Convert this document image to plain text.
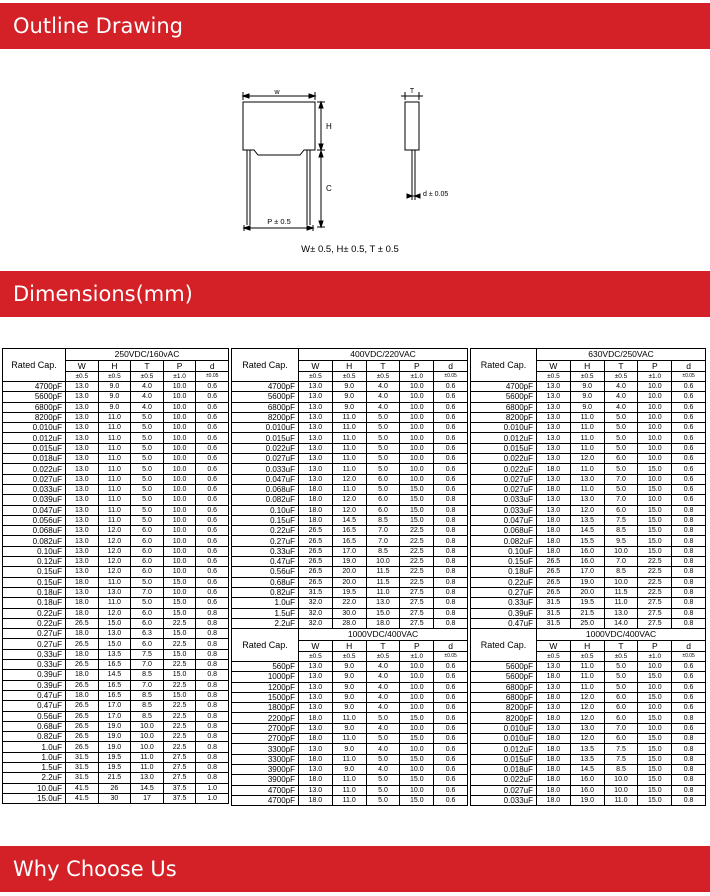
Outline Drawing
w
H
C
T
P ± 0.5
d ± 0.05
W± 0.5, H± 0.5, T ± 0.5
Dimensions(mm)
Rated Cap.	250VDC/160vAC				
	W	H	T	P	d
	±0.5	±0.5	±0.5	±1.0	±0.05
4700pF	13.0	9.0	4.0	10.0	0.6
5600pF	13.0	9.0	4.0	10.0	0.6
6800pF	13.0	9.0	4.0	10.0	0.6
8200pF	13.0	11.0	5.0	10.0	0.6
0.010uF	13.0	11.0	5.0	10.0	0.6
0.012uF	13.0	11.0	5.0	10.0	0.6
0.015uF	13.0	11.0	5.0	10.0	0.6
0.018uF	13.0	11.0	5.0	10.0	0.6
0.022uF	13.0	11.0	5.0	10.0	0.6
0.027uF	13.0	11.0	5.0	10.0	0.6
0.033uF	13.0	11.0	5.0	10.0	0.6
0.039uF	13.0	11.0	5.0	10.0	0.6
0.047uF	13.0	11.0	5.0	10.0	0.6
0.056uF	13.0	11.0	5.0	10.0	0.6
0.068uF	13.0	12.0	6.0	10.0	0.6
0.082uF	13.0	12.0	6.0	10.0	0.6
0.10uF	13.0	12.0	6.0	10.0	0.6
0.12uF	13.0	12.0	6.0	10.0	0.6
0.15uF	13.0	12.0	6.0	10.0	0.6
0.15uF	18.0	11.0	5.0	15.0	0.6
0.18uF	13.0	13.0	7.0	10.0	0.6
0.18uF	18.0	11.0	5.0	15.0	0.6
0.22uF	18.0	12.0	6.0	15.0	0.8
0.22uF	26.5	15.0	6.0	22.5	0.8
0.27uF	18.0	13.0	6.3	15.0	0.8
0.27uF	26.5	15.0	6.0	22.5	0.8
0.33uF	18.0	13.5	7.5	15.0	0.8
0.33uF	26.5	16.5	7.0	22.5	0.8
0.39uF	18.0	14.5	8.5	15.0	0.8
0.39uF	26.5	16.5	7.0	22.5	0.8
0.47uF	18.0	16.5	8.5	15.0	0.8
0.47uF	26.5	17.0	8.5	22.5	0.8
0.56uF	26.5	17.0	8.5	22.5	0.8
0.68uF	26.5	19.0	10.0	22.5	0.8
0.82uF	26.5	19.0	10.0	22.5	0.8
1.0uF	26.5	19.0	10.0	22.5	0.8
1.0uF	31.5	19.5	11.0	27.5	0.8
1.5uF	31.5	19.5	11.0	27.5	0.8
2.2uF	31.5	21.5	13.0	27.5	0.8
10.0uF	41.5	26	14.5	37.5	1.0
15.0uF	41.5	30	17	37.5	1.0
Rated Cap.	400VDC/220VAC				
	W	H	T	P	d
	±0.5	±0.5	±0.5	±1.0	±0.05
4700pF	13.0	9.0	4.0	10.0	0.6
5600pF	13.0	9.0	4.0	10.0	0.6
6800pF	13.0	9.0	4.0	10.0	0.6
8200pF	13.0	11.0	5.0	10.0	0.6
0.010uF	13.0	11.0	5.0	10.0	0.6
0.015uF	13.0	11.0	5.0	10.0	0.6
0.022uF	13.0	11.0	5.0	10.0	0.6
0.027uF	13.0	11.0	5.0	10.0	0.6
0.033uF	13.0	11.0	5.0	10.0	0.6
0.047uF	13.0	12.0	6.0	10.0	0.6
0.068uF	18.0	11.0	5.0	15.0	0.6
0.082uF	18.0	12.0	6.0	15.0	0.8
0.10uF	18.0	12.0	6.0	15.0	0.8
0.15uF	18.0	14.5	8.5	15.0	0.8
0.22uF	26.5	16.5	7.0	22.5	0.8
0.27uF	26.5	16.5	7.0	22.5	0.8
0.33uF	26.5	17.0	8.5	22.5	0.8
0.47uF	26.5	19.0	10.0	22.5	0.8
0.56uF	26.5	20.0	11.5	22.5	0.8
0.68uF	26.5	20.0	11.5	22.5	0.8
0.82uF	31.5	19.5	11.0	27.5	0.8
1.0uF	32.0	22.0	13.0	27.5	0.8
1.5uF	32.0	30.0	15.0	27.5	0.8
2.2uF	32.0	28.0	18.0	27.5	0.8
Rated Cap.	630VDC/250VAC				
	W	H	T	P	d
	±0.5	±0.5	±0.5	±1.0	±0.05
4700pF	13.0	9.0	4.0	10.0	0.6
5600pF	13.0	9.0	4.0	10.0	0.6
6800pF	13.0	9.0	4.0	10.0	0.6
8200pF	13.0	11.0	5.0	10.0	0.6
0.010uF	13.0	11.0	5.0	10.0	0.6
0.012uF	13.0	11.0	5.0	10.0	0.6
0.015uF	13.0	11.0	5.0	10.0	0.6
0.022uF	13.0	12.0	6.0	10.0	0.6
0.022uF	18.0	11.0	5.0	15.0	0.6
0.027uF	13.0	13.0	7.0	10.0	0.6
0.027uF	18.0	11.0	5.0	15.0	0.6
0.033uF	13.0	13.0	7.0	10.0	0.6
0.033uF	13.0	12.0	6.0	15.0	0.8
0.047uF	18.0	13.5	7.5	15.0	0.8
0.068uF	18.0	14.5	8.5	15.0	0.8
0.082uF	18.0	15.5	9.5	15.0	0.8
0.10uF	18.0	16.0	10.0	15.0	0.8
0.15uF	26.5	16.0	7.0	22.5	0.8
0.18uF	26.5	17.0	8.5	22.5	0.8
0.22uF	26.5	19.0	10.0	22.5	0.8
0.27uF	26.5	20.0	11.5	22.5	0.8
0.33uF	31.5	19.5	11.0	27.5	0.8
0.39uF	31.5	21.5	13.0	27.5	0.8
0.47uF	31.5	25.0	14.0	27.5	0.8
Rated Cap.	1000VDC/400VAC				
	W	H	T	P	d
	±0.5	±0.5	±0.5	±1.0	±0.05
560pF	13.0	9.0	4.0	10.0	0.6
1000pF	13.0	9.0	4.0	10.0	0.6
1200pF	13.0	9.0	4.0	10.0	0.6
1500pF	13.0	9.0	4.0	10.0	0.6
1800pF	13.0	9.0	4.0	10.0	0.6
2200pF	18.0	11.0	5.0	15.0	0.6
2700pF	13.0	9.0	4.0	10.0	0.6
2700pF	18.0	11.0	5.0	15.0	0.6
3300pF	13.0	9.0	4.0	10.0	0.6
3300pF	18.0	11.0	5.0	15.0	0.6
3900pF	13.0	9.0	4.0	10.0	0.6
3900pF	18.0	11.0	5.0	15.0	0.6
4700pF	13.0	11.0	5.0	10.0	0.6
4700pF	18.0	11.0	5.0	15.0	0.6
Rated Cap.	1000VDC/400VAC				
	W	H	T	P	d
	±0.5	±0.5	±0.5	±1.0	±0.05
5600pF	13.0	11.0	5.0	10.0	0.6
5600pF	18.0	11.0	5.0	15.0	0.6
6800pF	13.0	11.0	5.0	10.0	0.6
6800pF	18.0	12.0	6.0	15.0	0.6
8200pF	13.0	12.0	6.0	10.0	0.6
8200pF	18.0	12.0	6.0	15.0	0.8
0.010uF	13.0	13.0	7.0	10.0	0.6
0.010uF	18.0	12.0	6.0	15.0	0.8
0.012uF	18.0	13.5	7.5	15.0	0.8
0.015uF	18.0	13.5	7.5	15.0	0.8
0.018uF	18.0	14.5	8.5	15.0	0.8
0.022uF	18.0	16.0	10.0	15.0	0.8
0.027uF	18.0	16.0	10.0	15.0	0.8
0.033uF	18.0	19.0	11.0	15.0	0.8
Why Choose Us
